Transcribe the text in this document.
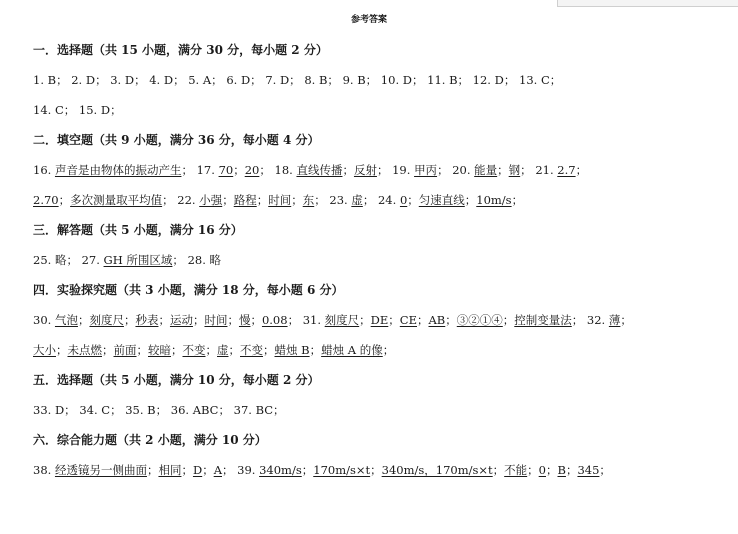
参考答案
一．选择题（共 15 小题，满分 30 分，每小题 2 分）
1. B； 2. D； 3. D； 4. D； 5. A； 6. D； 7. D； 8. B； 9. B； 10. D； 11. B； 12. D； 13. C；
14. C； 15. D；
二．填空题（共 9 小题，满分 36 分，每小题 4 分）
16. 声音是由物体的振动产生； 17. 70；20； 18. 直线传播；反射； 19. 甲丙； 20. 能量；钢； 21. 2.7；
2.70；多次测量取平均值； 22. 小强；路程；时间；东； 23. 虚； 24. 0；匀速直线；10m/s；
三．解答题（共 5 小题，满分 16 分）
25. 略； 27. GH 所围区域； 28. 略
四．实验探究题（共 3 小题，满分 18 分，每小题 6 分）
30. 气泡；刻度尺；秒表；运动；时间；慢；0.08； 31. 刻度尺；DE；CE；AB；③②①④；控制变量法； 32. 薄；
大小；未点燃；前面；较暗；不变；虚；不变；蜡烛 B；蜡烛 A 的像；
五．选择题（共 5 小题，满分 10 分，每小题 2 分）
33. D； 34. C； 35. B； 36. ABC； 37. BC；
六．综合能力题（共 2 小题，满分 10 分）
38. 经透镜另一侧曲面；相同；D；A； 39. 340m/s；170m/s×t；340m/s，170m/s×t；不能；0；B；345；
